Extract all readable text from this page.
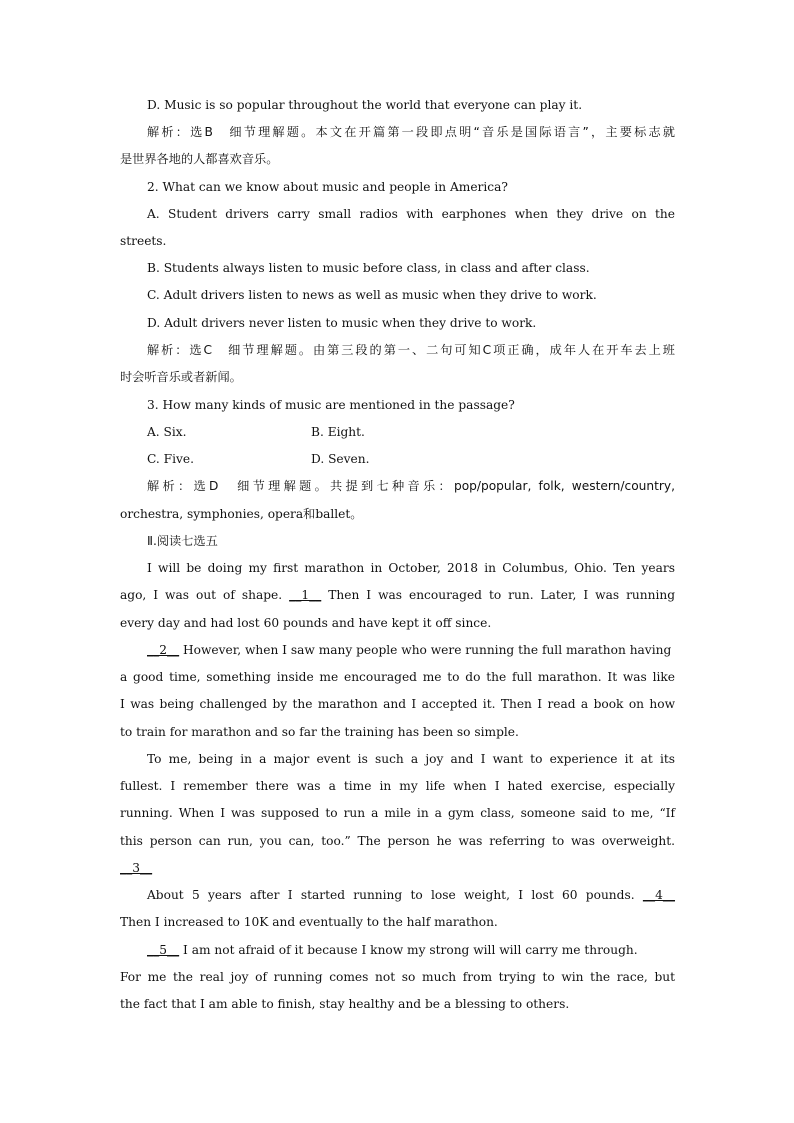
D. Music is so popular throughout the world that everyone can play it.
解析：选B　细节理解题。本文在开篇第一段即点明“音乐是国际语言”，主要标志就
是世界各地的人都喜欢音乐。
2. What can we know about music and people in America?
A. Student drivers carry small radios with earphones when they drive on the
streets.
B. Students always listen to music before class, in class and after class.
C. Adult drivers listen to news as well as music when they drive to work.
D. Adult drivers never listen to music when they drive to work.
解析：选C　细节理解题。由第三段的第一、二句可知C项正确，成年人在开车去上班
时会听音乐或者新闻。
3. How many kinds of music are mentioned in the passage?
A. Six.	B. Eight.
C. Five.	D. Seven.
解析：选D　细节理解题。共提到七种音乐：pop/popular, folk, western/country,
orchestra, symphonies, opera和ballet。
Ⅱ.阅读七选五
I will be doing my first marathon in October, 2018 in Columbus, Ohio. Ten years
ago, I was out of shape. __1__ Then I was encouraged to run. Later, I was running
every day and had lost 60 pounds and have kept it off since.
__2__ However, when I saw many people who were running the full marathon having
a good time, something inside me encouraged me to do the full marathon. It was like
I was being challenged by the marathon and I accepted it. Then I read a book on how
to train for marathon and so far the training has been so simple.
To me, being in a major event is such a joy and I want to experience it at its
fullest. I remember there was a time in my life when I hated exercise, especially
running. When I was supposed to run a mile in a gym class, someone said to me, “If
this person can run, you can, too.” The person he was referring to was overweight.
__3__
About 5 years after I started running to lose weight, I lost 60 pounds. __4__
Then I increased to 10K and eventually to the half marathon.
__5__ I am not afraid of it because I know my strong will will carry me through.
For me the real joy of running comes not so much from trying to win the race, but
the fact that I am able to finish, stay healthy and be a blessing to others.
